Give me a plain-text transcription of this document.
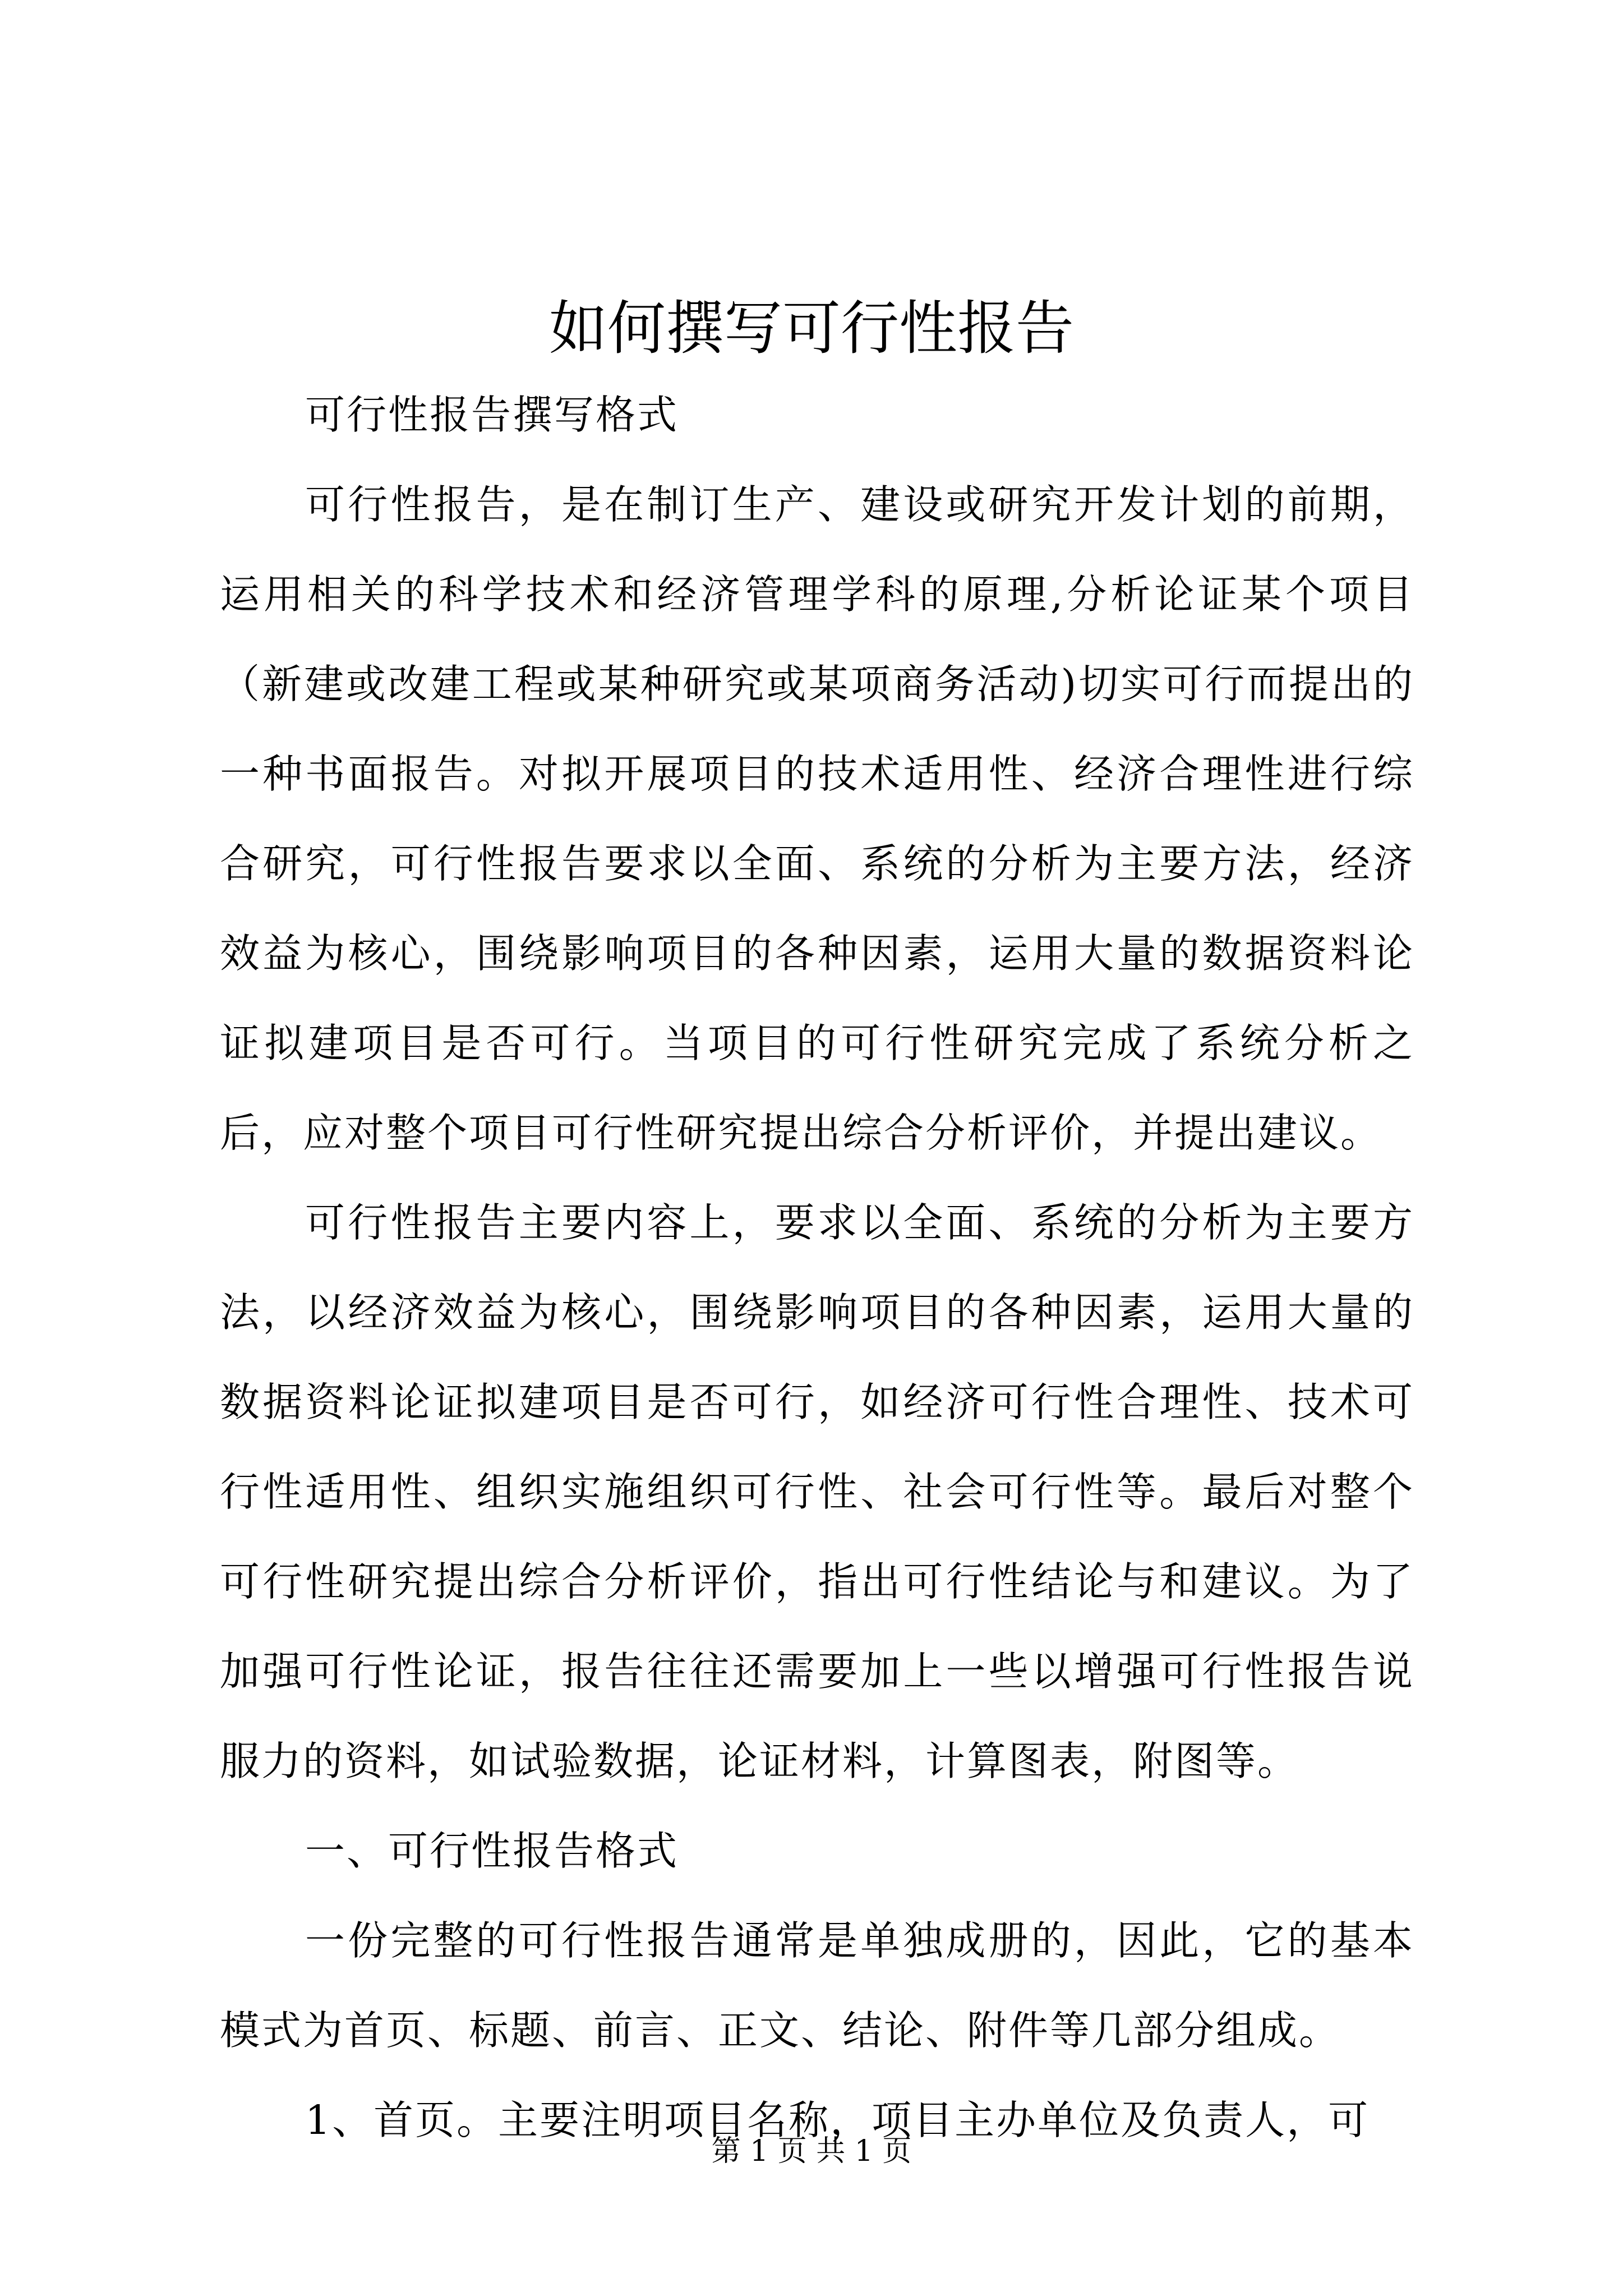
如何撰写可行性报告

可行性报告撰写格式

可行性报告，是在制订生产、建设或研究开发计划的前期，运用相关的科学技术和经济管理学科的原理,分析论证某个项目（新建或改建工程或某种研究或某项商务活动)切实可行而提出的一种书面报告。对拟开展项目的技术适用性、经济合理性进行综合研究，可行性报告要求以全面、系统的分析为主要方法，经济效益为核心，围绕影响项目的各种因素，运用大量的数据资料论证拟建项目是否可行。当项目的可行性研究完成了系统分析之后，应对整个项目可行性研究提出综合分析评价，并提出建议。

可行性报告主要内容上，要求以全面、系统的分析为主要方法，以经济效益为核心，围绕影响项目的各种因素，运用大量的数据资料论证拟建项目是否可行，如经济可行性合理性、技术可行性适用性、组织实施组织可行性、社会可行性等。最后对整个可行性研究提出综合分析评价，指出可行性结论与和建议。为了加强可行性论证，报告往往还需要加上一些以增强可行性报告说服力的资料，如试验数据，论证材料，计算图表，附图等。

一、可行性报告格式

一份完整的可行性报告通常是单独成册的，因此，它的基本模式为首页、标题、前言、正文、结论、附件等几部分组成。

1、首页。主要注明项目名称，项目主办单位及负责人，可

第 1 页 共 1 页
